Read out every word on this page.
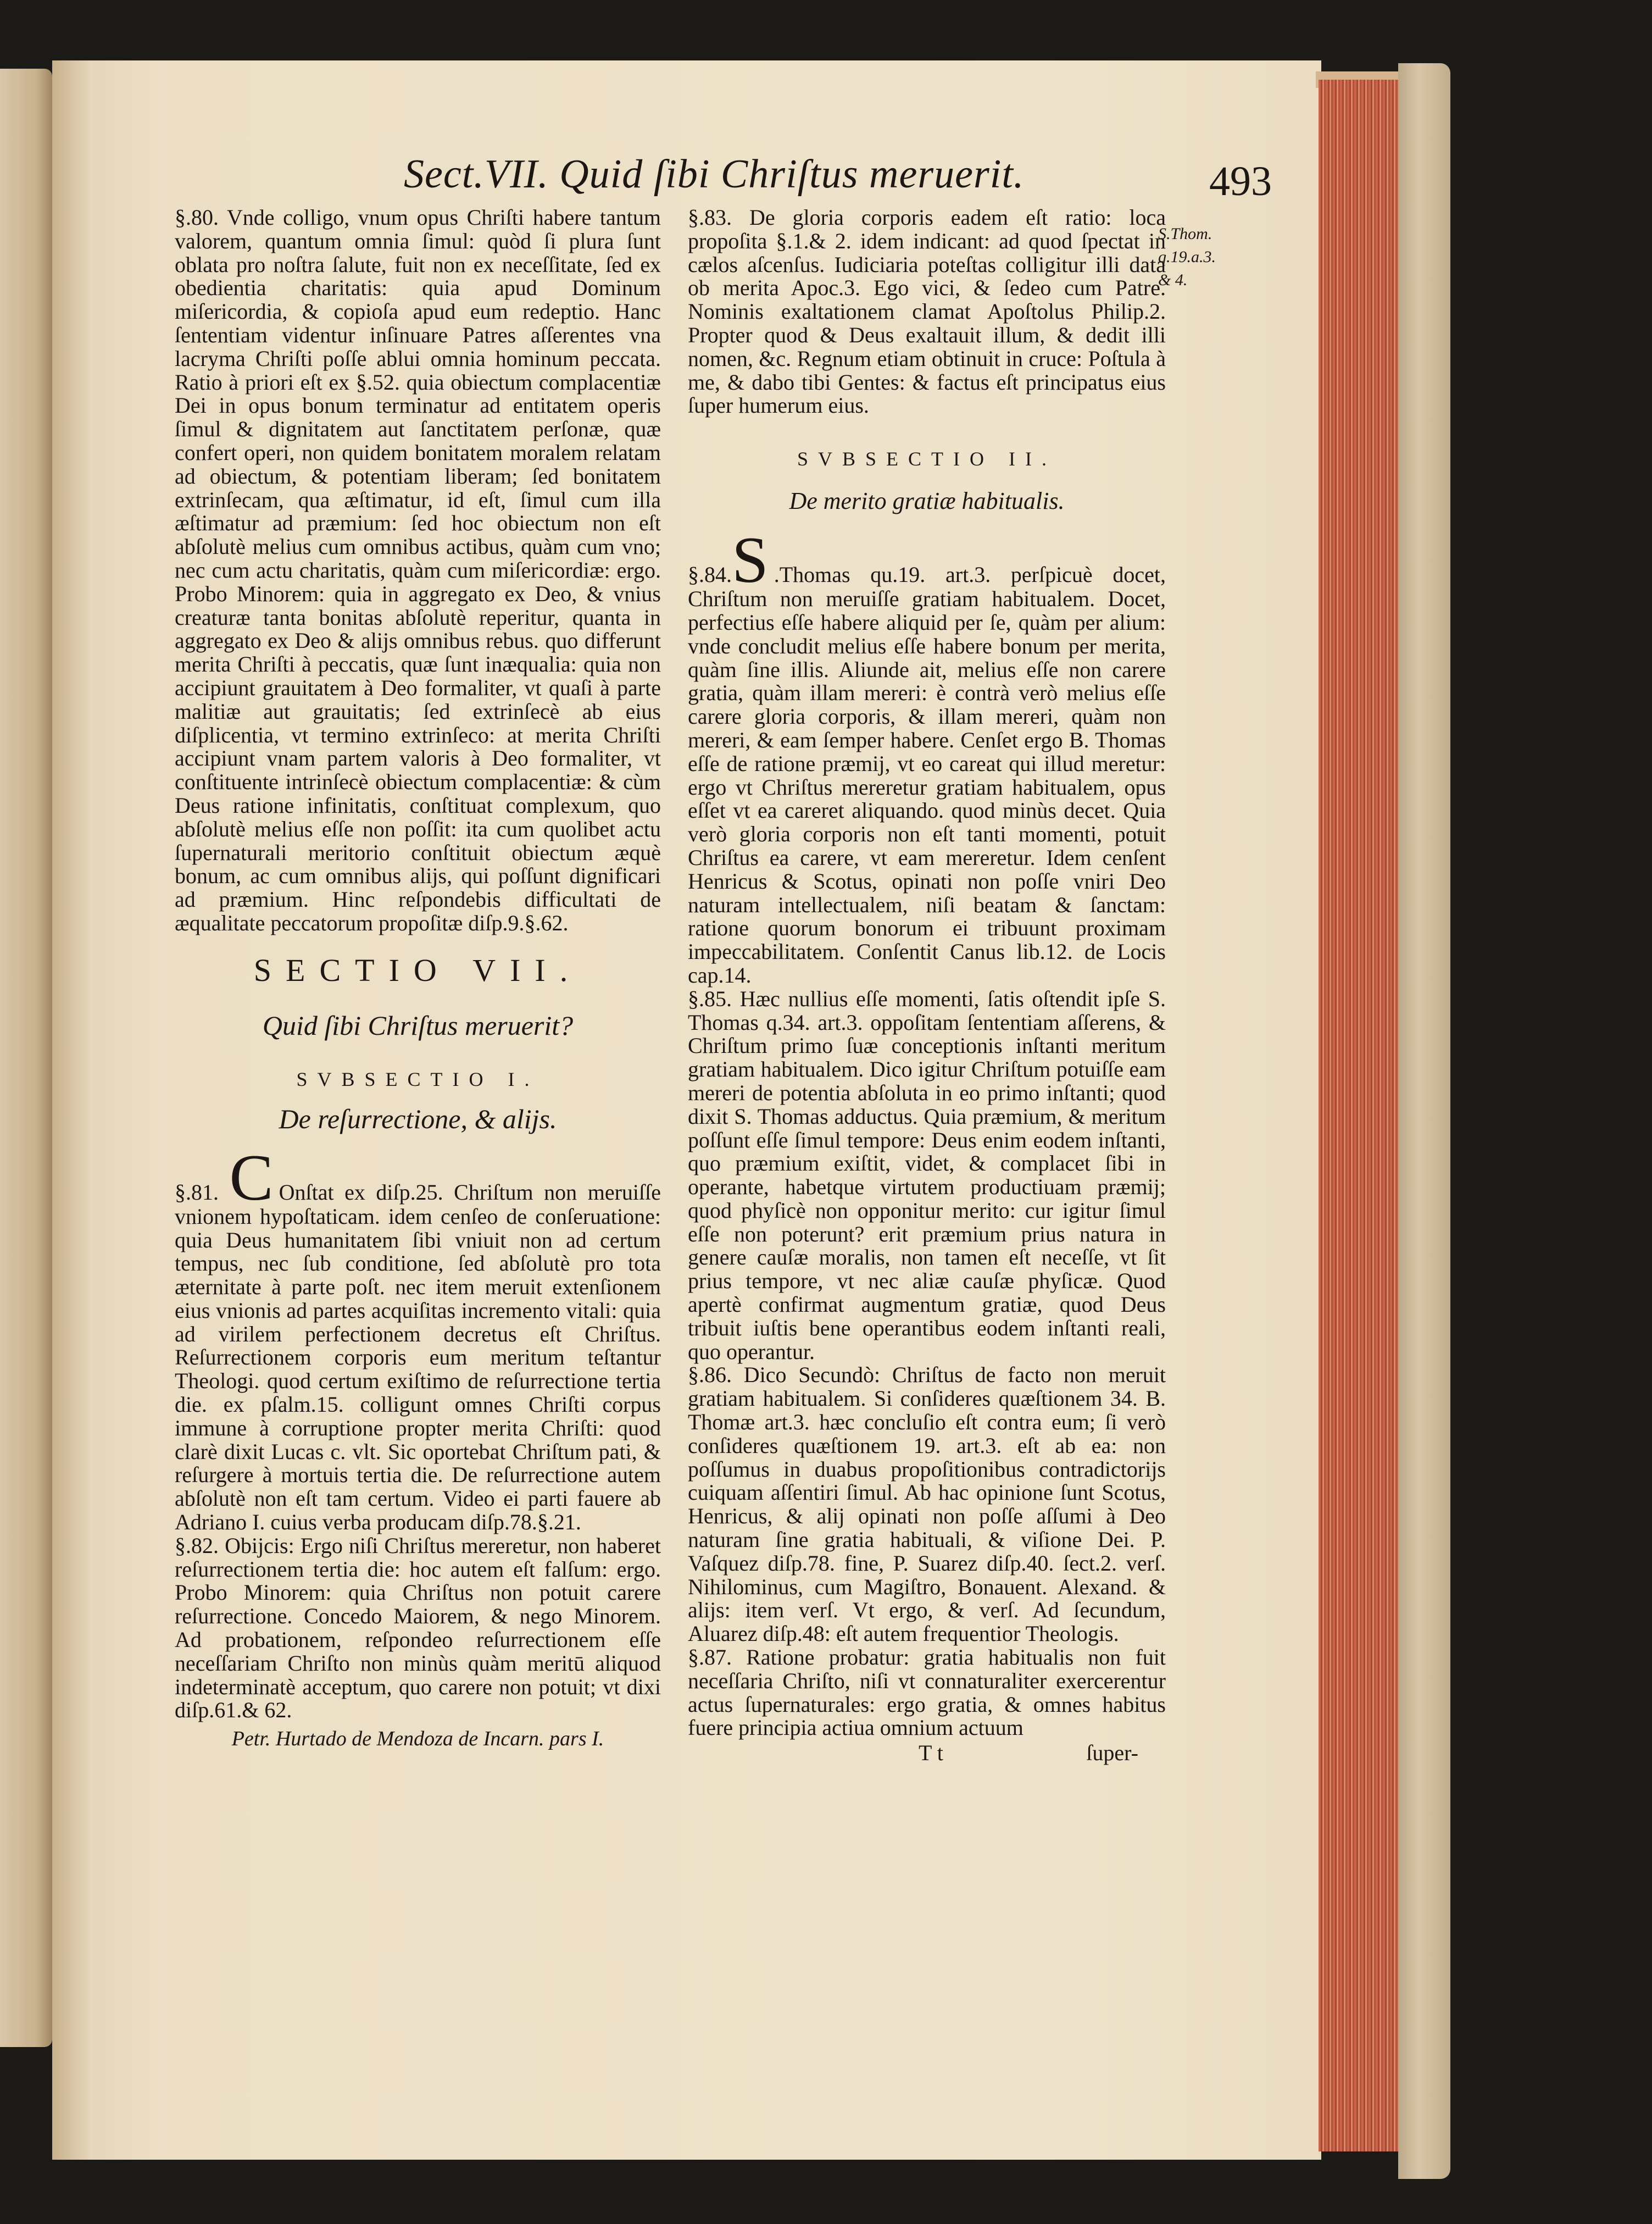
Sect.VII. Quid ſibi Chriſtus meruerit.	493
S.Thom.
q.19.a.3.
& 4.

§.80. Vnde colligo, vnum opus Chriſti habere tantum valorem, quantum omnia ſimul: quòd ſi plura ſunt oblata pro noſtra ſalute, fuit non ex neceſſitate, ſed ex obedientia charitatis: quia apud Dominum miſericordia, & copioſa apud eum redeptio. Hanc ſententiam videntur inſinuare Patres aſſerentes vna lacryma Chriſti poſſe ablui omnia hominum peccata. Ratio à priori eſt ex §.52. quia obiectum complacentiæ Dei in opus bonum terminatur ad entitatem operis ſimul & dignitatem aut ſanctitatem perſonæ, quæ confert operi, non quidem bonitatem moralem relatam ad obiectum, & potentiam liberam; ſed bonitatem extrinſecam, qua æſtimatur, id eſt, ſimul cum illa æſtimatur ad præmium: ſed hoc obiectum non eſt abſolutè melius cum omnibus actibus, quàm cum vno; nec cum actu charitatis, quàm cum miſericordiæ: ergo. Probo Minorem: quia in aggregato ex Deo, & vnius creaturæ tanta bonitas abſolutè reperitur, quanta in aggregato ex Deo & alijs omnibus rebus. quo differunt merita Chriſti à peccatis, quæ ſunt inæqualia: quia non accipiunt grauitatem à Deo formaliter, vt quaſi à parte malitiæ aut grauitatis; ſed extrinſecè ab eius diſplicentia, vt termino extrinſeco: at merita Chriſti accipiunt vnam partem valoris à Deo formaliter, vt conſtituente intrinſecè obiectum complacentiæ: & cùm Deus ratione infinitatis, conſtituat complexum, quo abſolutè melius eſſe non poſſit: ita cum quolibet actu ſupernaturali meritorio conſtituit obiectum æquè bonum, ac cum omnibus alijs, qui poſſunt dignificari ad præmium. Hinc reſpondebis difficultati de æqualitate peccatorum propoſitæ diſp.9.§.62.

SECTIO VII.

Quid ſibi Chriſtus meruerit?

SVBSECTIO I.

De reſurrectione, & alijs.

§.81. C Onſtat ex diſp.25. Chriſtum non meruiſſe vnionem hypoſtaticam. idem cenſeo de conſeruatione: quia Deus humanitatem ſibi vniuit non ad certum tempus, nec ſub conditione, ſed abſolutè pro tota æternitate à parte poſt. nec item meruit extenſionem eius vnionis ad partes acquiſitas incremento vitali: quia ad virilem perfectionem decretus eſt Chriſtus. Reſurrectionem corporis eum meritum teſtantur Theologi. quod certum exiſtimo de reſurrectione tertia die. ex pſalm.15. colligunt omnes Chriſti corpus immune à corruptione propter merita Chriſti: quod clarè dixit Lucas c. vlt. Sic oportebat Chriſtum pati, & reſurgere à mortuis tertia die. De reſurrectione autem abſolutè non eſt tam certum. Video ei parti fauere ab Adriano I. cuius verba producam diſp.78.§.21.

§.82. Obijcis: Ergo niſi Chriſtus mereretur, non haberet reſurrectionem tertia die: hoc autem eſt falſum: ergo. Probo Minorem: quia Chriſtus non potuit carere reſurrectione. Concedo Maiorem, & nego Minorem. Ad probationem, reſpondeo reſurrectionem eſſe neceſſariam Chriſto non minùs quàm meritū aliquod indeterminatè acceptum, quo carere non potuit; vt dixi diſp.61.& 62.

Petr. Hurtado de Mendoza de Incarn. pars I.

§.83. De gloria corporis eadem eſt ratio: loca propoſita §.1.& 2. idem indicant: ad quod ſpectat in cælos aſcenſus. Iudiciaria poteſtas colligitur illi data ob merita Apoc.3. Ego vici, & ſedeo cum Patre. Nominis exaltationem clamat Apoſtolus Philip.2. Propter quod & Deus exaltauit illum, & dedit illi nomen, &c. Regnum etiam obtinuit in cruce: Poſtula à me, & dabo tibi Gentes: & factus eſt principatus eius ſuper humerum eius.

SVBSECTIO II.

De merito gratiæ habitualis.

§.84.S .Thomas qu.19. art.3. perſpicuè docet, Chriſtum non meruiſſe gratiam habitualem. Docet, perfectius eſſe habere aliquid per ſe, quàm per alium: vnde concludit melius eſſe habere bonum per merita, quàm ſine illis. Aliunde ait, melius eſſe non carere gratia, quàm illam mereri: è contrà verò melius eſſe carere gloria corporis, & illam mereri, quàm non mereri, & eam ſemper habere. Cenſet ergo B. Thomas eſſe de ratione præmij, vt eo careat qui illud meretur: ergo vt Chriſtus mereretur gratiam habitualem, opus eſſet vt ea careret aliquando. quod minùs decet. Quia verò gloria corporis non eſt tanti momenti, potuit Chriſtus ea carere, vt eam mereretur. Idem cenſent Henricus & Scotus, opinati non poſſe vniri Deo naturam intellectualem, niſi beatam & ſanctam: ratione quorum bonorum ei tribuunt proximam impeccabilitatem. Conſentit Canus lib.12. de Locis cap.14.

§.85. Hæc nullius eſſe momenti, ſatis oſtendit ipſe S. Thomas q.34. art.3. oppoſitam ſententiam aſſerens, & Chriſtum primo ſuæ conceptionis inſtanti meritum gratiam habitualem. Dico igitur Chriſtum potuiſſe eam mereri de potentia abſoluta in eo primo inſtanti; quod dixit S. Thomas adductus. Quia præmium, & meritum poſſunt eſſe ſimul tempore: Deus enim eodem inſtanti, quo præmium exiſtit, videt, & complacet ſibi in operante, habetque virtutem productiuam præmij; quod phyſicè non opponitur merito: cur igitur ſimul eſſe non poterunt? erit præmium prius natura in genere cauſæ moralis, non tamen eſt neceſſe, vt ſit prius tempore, vt nec aliæ cauſæ phyſicæ. Quod apertè confirmat augmentum gratiæ, quod Deus tribuit iuſtis bene operantibus eodem inſtanti reali, quo operantur.

§.86. Dico Secundò: Chriſtus de facto non meruit gratiam habitualem. Si conſideres quæſtionem 34. B. Thomæ art.3. hæc concluſio eſt contra eum; ſi verò conſideres quæſtionem 19. art.3. eſt ab ea: non poſſumus in duabus propoſitionibus contradictorijs cuiquam aſſentiri ſimul. Ab hac opinione ſunt Scotus, Henricus, & alij opinati non poſſe aſſumi à Deo naturam ſine gratia habituali, & viſione Dei. P. Vaſquez diſp.78. fine, P. Suarez diſp.40. ſect.2. verſ. Nihilominus, cum Magiſtro, Bonauent. Alexand. & alijs: item verſ. Vt ergo, & verſ. Ad ſecundum, Aluarez diſp.48: eſt autem frequentior Theologis.

§.87. Ratione probatur: gratia habitualis non fuit neceſſaria Chriſto, niſi vt connaturaliter exercerentur actus ſupernaturales: ergo gratia, & omnes habitus fuere principia actiua omnium actuum

T t	ſuper-
